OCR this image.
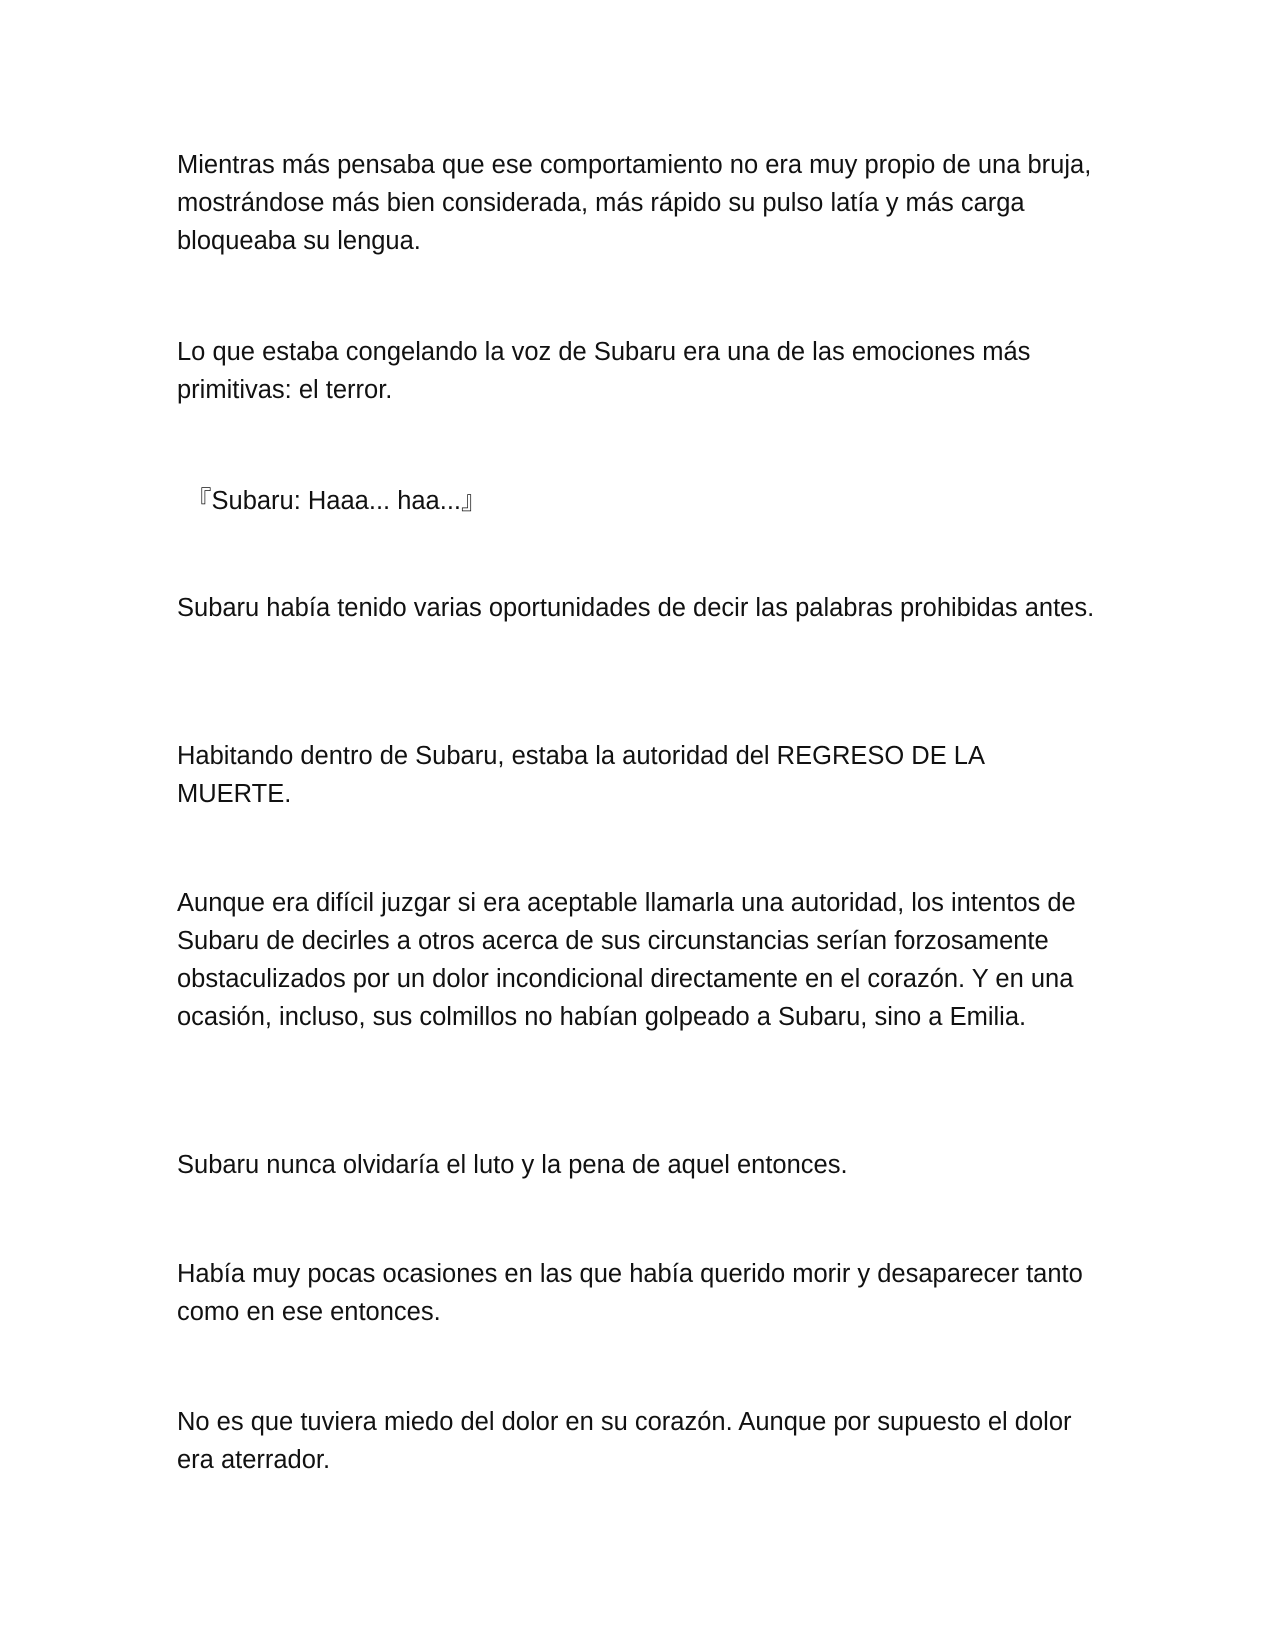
Mientras más pensaba que ese comportamiento no era muy propio de una bruja, mostrándose más bien considerada, más rápido su pulso latía y más carga bloqueaba su lengua.

Lo que estaba congelando la voz de Subaru era una de las emociones más primitivas: el terror.

『Subaru: Haaa... haa...』

Subaru había tenido varias oportunidades de decir las palabras prohibidas antes.

Habitando dentro de Subaru, estaba la autoridad del REGRESO DE LA MUERTE.

Aunque era difícil juzgar si era aceptable llamarla una autoridad, los intentos de Subaru de decirles a otros acerca de sus circunstancias serían forzosamente obstaculizados por un dolor incondicional directamente en el corazón. Y en una ocasión, incluso, sus colmillos no habían golpeado a Subaru, sino a Emilia.

Subaru nunca olvidaría el luto y la pena de aquel entonces.

Había muy pocas ocasiones en las que había querido morir y desaparecer tanto como en ese entonces.

No es que tuviera miedo del dolor en su corazón. Aunque por supuesto el dolor era aterrador.
